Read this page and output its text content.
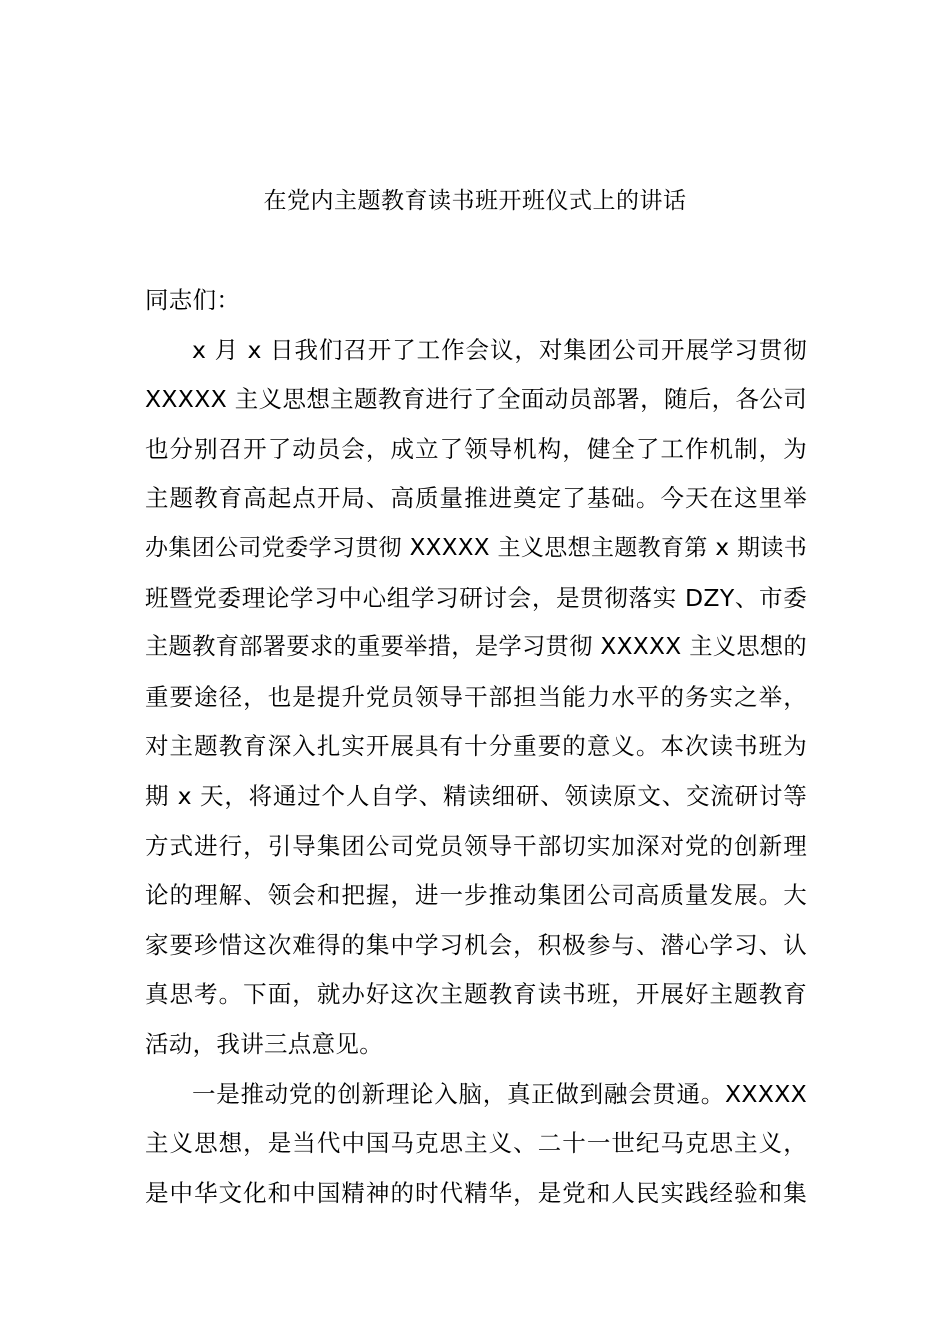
在党内主题教育读书班开班仪式上的讲话
同志们：
x 月 x 日我们召开了工作会议，对集团公司开展学习贯彻
XXXXX 主义思想主题教育进行了全面动员部署，随后，各公司
也分别召开了动员会，成立了领导机构，健全了工作机制，为
主题教育高起点开局、高质量推进奠定了基础。今天在这里举
办集团公司党委学习贯彻 XXXXX 主义思想主题教育第 x 期读书
班暨党委理论学习中心组学习研讨会，是贯彻落实 DZY、市委
主题教育部署要求的重要举措，是学习贯彻 XXXXX 主义思想的
重要途径，也是提升党员领导干部担当能力水平的务实之举，
对主题教育深入扎实开展具有十分重要的意义。本次读书班为
期 x 天，将通过个人自学、精读细研、领读原文、交流研讨等
方式进行，引导集团公司党员领导干部切实加深对党的创新理
论的理解、领会和把握，进一步推动集团公司高质量发展。大
家要珍惜这次难得的集中学习机会，积极参与、潜心学习、认
真思考。下面，就办好这次主题教育读书班，开展好主题教育
活动，我讲三点意见。
一是推动党的创新理论入脑，真正做到融会贯通。XXXXX
主义思想，是当代中国马克思主义、二十一世纪马克思主义，
是中华文化和中国精神的时代精华，是党和人民实践经验和集
